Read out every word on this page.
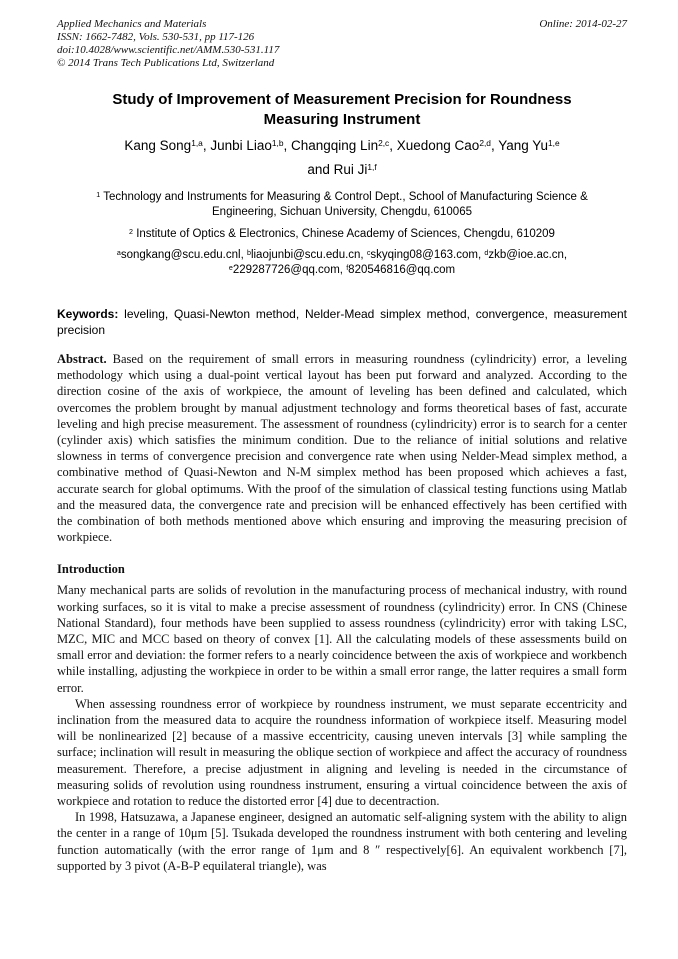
Applied Mechanics and Materials
ISSN: 1662-7482, Vols. 530-531, pp 117-126
doi:10.4028/www.scientific.net/AMM.530-531.117
© 2014 Trans Tech Publications Ltd, Switzerland
Online: 2014-02-27
Study of Improvement of Measurement Precision for Roundness
Measuring Instrument
Kang Song$^{1,a}$, Junbi Liao$^{1,b}$, Changqing Lin$^{2,c}$, Xuedong Cao$^{2,d}$, Yang Yu$^{1,e}$
and Rui Ji$^{1,f}$
$^1$ Technology and Instruments for Measuring & Control Dept., School of Manufacturing Science &
Engineering, Sichuan University, Chengdu, 610065
$^2$ Institute of Optics & Electronics, Chinese Academy of Sciences, Chengdu, 610209
$^a$songkang@scu.edu.cnl, $^b$liaojunbi@scu.edu.cn, $^c$skyqing08@163.com, $^d$zkb@ioe.ac.cn,
$^e$229287726@qq.com, $^f$820546816@qq.com
Keywords: leveling, Quasi-Newton method, Nelder-Mead simplex method, convergence, measurement precision
Abstract. Based on the requirement of small errors in measuring roundness (cylindricity) error, a leveling methodology which using a dual-point vertical layout has been put forward and analyzed. According to the direction cosine of the axis of workpiece, the amount of leveling has been defined and calculated, which overcomes the problem brought by manual adjustment technology and forms theoretical bases of fast, accurate leveling and high precise measurement. The assessment of roundness (cylindricity) error is to search for a center (cylinder axis) which satisfies the minimum condition. Due to the reliance of initial solutions and relative slowness in terms of convergence precision and convergence rate when using Nelder-Mead simplex method, a combinative method of Quasi-Newton and N-M simplex method has been proposed which achieves a fast, accurate search for global optimums. With the proof of the simulation of classical testing functions using Matlab and the measured data, the convergence rate and precision will be enhanced effectively has been certified with the combination of both methods mentioned above which ensuring and improving the measuring precision of workpiece.
Introduction

Many mechanical parts are solids of revolution in the manufacturing process of mechanical industry, with round working surfaces, so it is vital to make a precise assessment of roundness (cylindricity) error. In CNS (Chinese National Standard), four methods have been supplied to assess roundness (cylindricity) error with taking LSC, MZC, MIC and MCC based on theory of convex [1]. All the calculating models of these assessments build on small error and deviation: the former refers to a nearly coincidence between the axis of workpiece and workbench while installing, adjusting the workpiece in order to be within a small error range, the latter requires a small form error.

When assessing roundness error of workpiece by roundness instrument, we must separate eccentricity and inclination from the measured data to acquire the roundness information of workpiece itself. Measuring model will be nonlinearized [2] because of a massive eccentricity, causing uneven intervals [3] while sampling the surface; inclination will result in measuring the oblique section of workpiece and affect the accuracy of roundness measurement. Therefore, a precise adjustment in aligning and leveling is needed in the circumstance of measuring solids of revolution using roundness instrument, ensuring a virtual coincidence between the axis of workpiece and rotation to reduce the distorted error [4] due to decentraction.

In 1998, Hatsuzawa, a Japanese engineer, designed an automatic self-aligning system with the ability to align the center in a range of 10μm [5]. Tsukada developed the roundness instrument with both centering and leveling function automatically (with the error range of 1μm and 8 ″ respectively[6]. An equivalent workbench [7], supported by 3 pivot (A-B-P equilateral triangle), was
